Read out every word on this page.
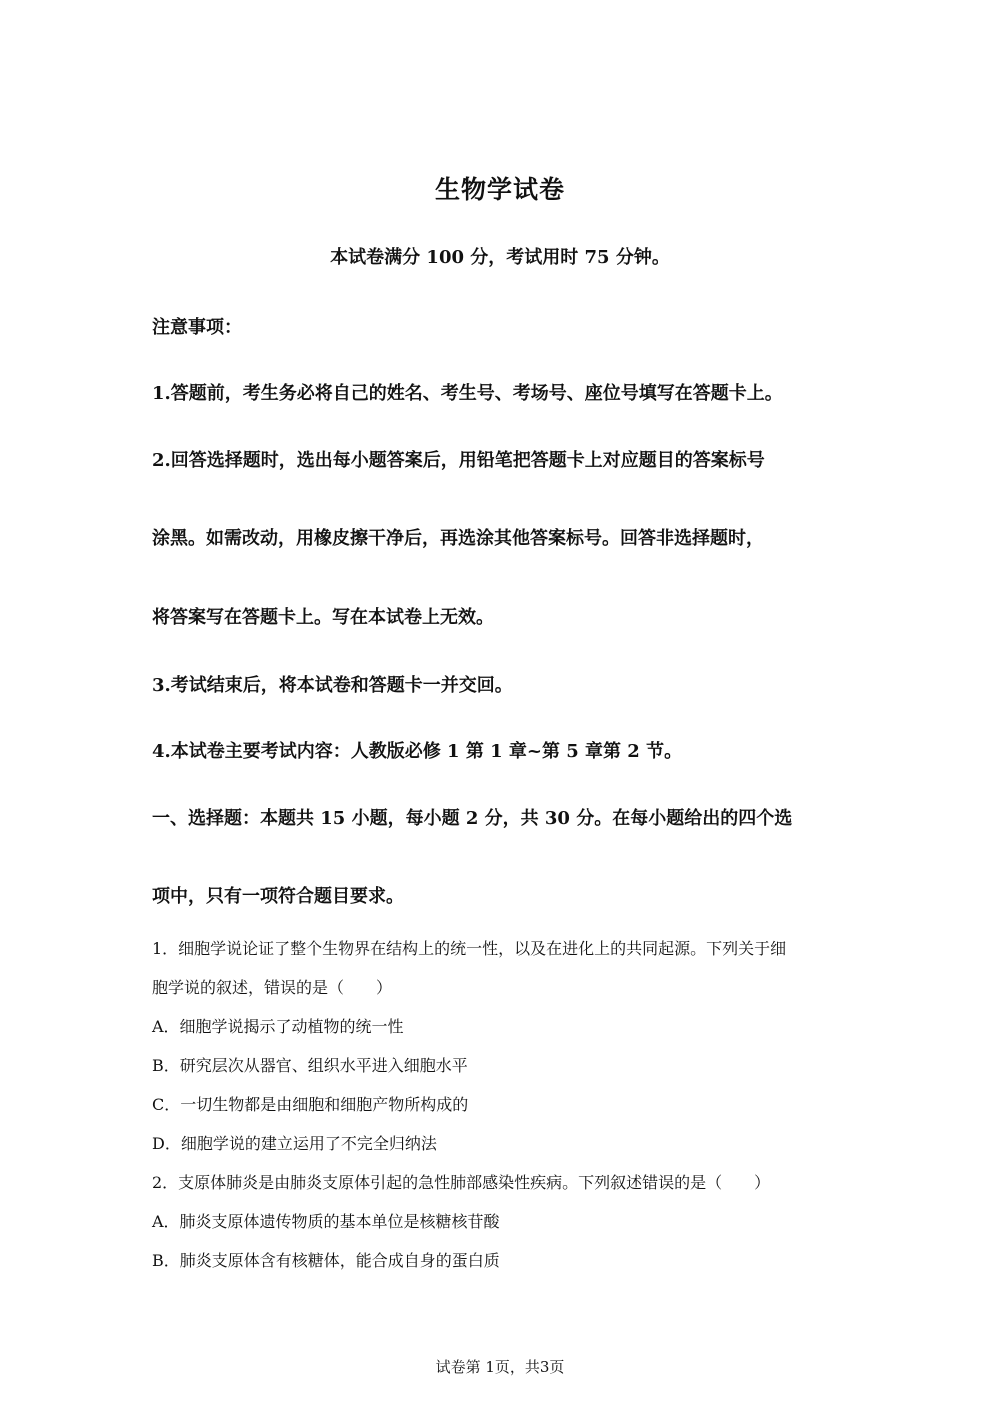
生物学试卷
本试卷满分 100 分，考试用时 75 分钟。
注意事项：
1.答题前，考生务必将自己的姓名、考生号、考场号、座位号填写在答题卡上。
2.回答选择题时，选出每小题答案后，用铅笔把答题卡上对应题目的答案标号
涂黑。如需改动，用橡皮擦干净后，再选涂其他答案标号。回答非选择题时，
将答案写在答题卡上。写在本试卷上无效。
3.考试结束后，将本试卷和答题卡一并交回。
4.本试卷主要考试内容：人教版必修 1 第 1 章~第 5 章第 2 节。
一、选择题：本题共 15 小题，每小题 2 分，共 30 分。在每小题给出的四个选
项中，只有一项符合题目要求。
1．细胞学说论证了整个生物界在结构上的统一性，以及在进化上的共同起源。下列关于细
胞学说的叙述，错误的是（　　）
A．细胞学说揭示了动植物的统一性
B．研究层次从器官、组织水平进入细胞水平
C．一切生物都是由细胞和细胞产物所构成的
D．细胞学说的建立运用了不完全归纳法
2．支原体肺炎是由肺炎支原体引起的急性肺部感染性疾病。下列叙述错误的是（　　）
A．肺炎支原体遗传物质的基本单位是核糖核苷酸
B．肺炎支原体含有核糖体，能合成自身的蛋白质
试卷第 1页，共3页
